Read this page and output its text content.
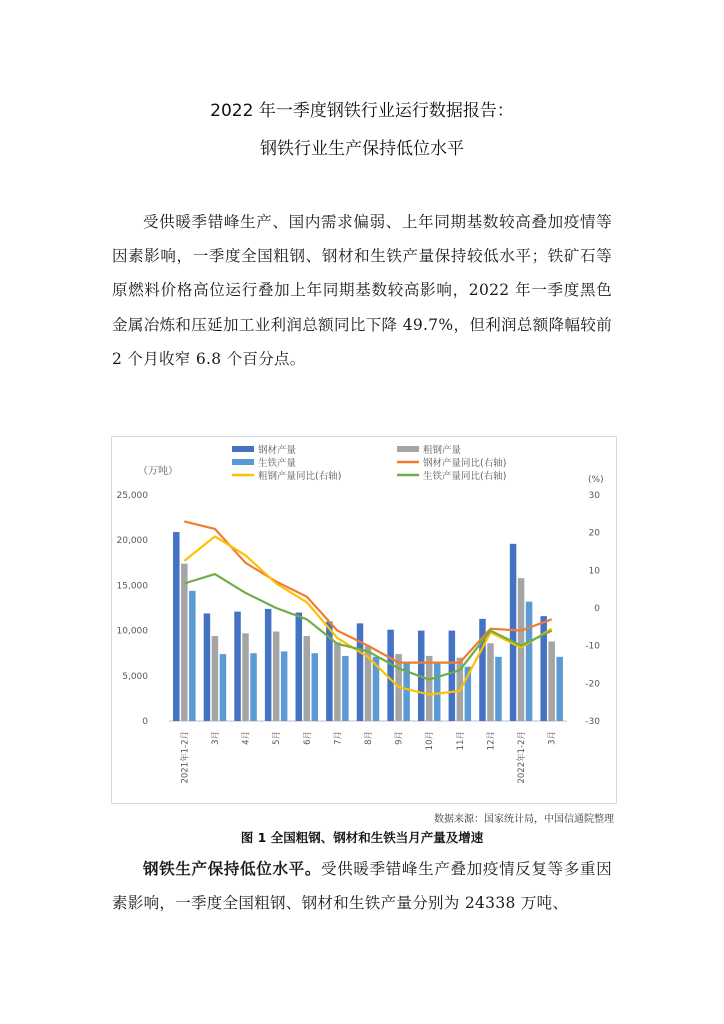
2022 年一季度钢铁行业运行数据报告：
钢铁行业生产保持低位水平
受供暖季错峰生产、国内需求偏弱、上年同期基数较高叠加疫情等因素影响，一季度全国粗钢、钢材和生铁产量保持较低水平；铁矿石等原燃料价格高位运行叠加上年同期基数较高影响，2022 年一季度黑色金属冶炼和压延加工业利润总额同比下降 49.7%，但利润总额降幅较前 2 个月收窄 6.8 个百分点。
（万吨）
(%)
0
5,000
10,000
15,000
20,000
25,000
-30
-20
-10
0
10
20
30
2021年1-2月 3月 4月 5月 6月 7月 8月 9月 10月 11月 12月 2022年1-2月 3月
钢材产量	粗钢产量
生铁产量	钢材产量同比(右轴)
粗钢产量同比(右轴)	生铁产量同比(右轴)
数据来源：国家统计局，中国信通院整理
图 1 全国粗钢、钢材和生铁当月产量及增速
钢铁生产保持低位水平。受供暖季错峰生产叠加疫情反复等多重因素影响，一季度全国粗钢、钢材和生铁产量分别为 24338 万吨、
